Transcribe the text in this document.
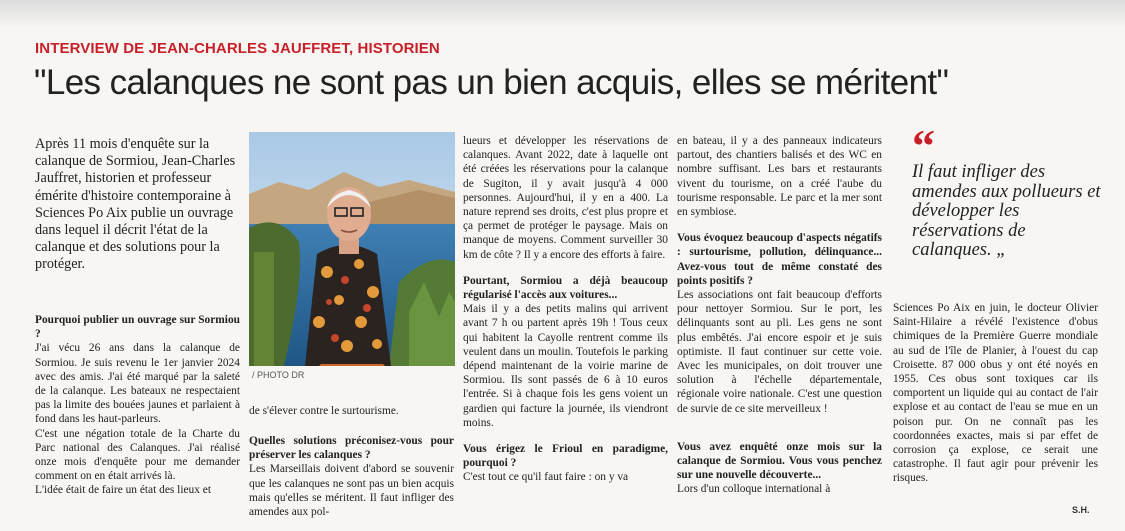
INTERVIEW DE JEAN-CHARLES JAUFFRET, HISTORIEN
"Les calanques ne sont pas un bien acquis, elles se méritent"

Après 11 mois d'enquête sur la calanque de Sormiou, Jean-Charles Jauffret, historien et professeur émérite d'histoire contemporaine à Sciences Po Aix publie un ouvrage dans lequel il décrit l'état de la calanque et des solutions pour la protéger.

/ PHOTO DR

Pourquoi publier un ouvrage sur Sormiou ?

J'ai vécu 26 ans dans la calanque de Sormiou. Je suis revenu le 1er janvier 2024 avec des amis. J'ai été marqué par la saleté de la calanque. Les bateaux ne respectaient pas la limite des bouées jaunes et parlaient à fond dans les haut-parleurs.

C'est une négation totale de la Charte du Parc national des Calanques. J'ai réalisé onze mois d'enquête pour me demander comment on en était arrivés là.

L'idée était de faire un état des lieux et

de s'élever contre le surtourisme.

Quelles solutions préconisez-vous pour préserver les calanques ?

Les Marseillais doivent d'abord se souvenir que les calanques ne sont pas un bien acquis mais qu'elles se méritent. Il faut infliger des amendes aux pol-

lueurs et développer les réservations de calanques. Avant 2022, date à laquelle ont été créées les réservations pour la calanque de Sugiton, il y avait jusqu'à 4 000 personnes. Aujourd'hui, il y en a 400. La nature reprend ses droits, c'est plus propre et ça permet de protéger le paysage. Mais on manque de moyens. Comment surveiller 30 km de côte ? Il y a encore des efforts à faire.

Pourtant, Sormiou a déjà beaucoup régularisé l'accès aux voitures...

Mais il y a des petits malins qui arrivent avant 7 h ou partent après 19h ! Tous ceux qui habitent la Cayolle rentrent comme ils veulent dans un moulin. Toutefois le parking dépend maintenant de la voirie marine de Sormiou. Ils sont passés de 6 à 10 euros l'entrée. Si à chaque fois les gens voient un gardien qui facture la journée, ils viendront moins.

Vous érigez le Frioul en paradigme, pourquoi ?

C'est tout ce qu'il faut faire : on y va

en bateau, il y a des panneaux indicateurs partout, des chantiers balisés et des WC en nombre suffisant. Les bars et restaurants vivent du tourisme, on a créé l'aube du tourisme responsable. Le parc et la mer sont en symbiose.

Vous évoquez beaucoup d'aspects négatifs : surtourisme, pollution, délinquance... Avez-vous tout de même constaté des points positifs ?

Les associations ont fait beaucoup d'efforts pour nettoyer Sormiou. Sur le port, les délinquants sont au pli. Les gens ne sont plus embêtés. J'ai encore espoir et je suis optimiste. Il faut continuer sur cette voie. Avec les municipales, on doit trouver une solution à l'échelle départementale, régionale voire nationale. C'est une question de survie de ce site merveilleux !

Vous avez enquêté onze mois sur la calanque de Sormiou. Vous vous penchez sur une nouvelle découverte...

Lors d'un colloque international à

“
Il faut infliger des amendes aux pollueurs et développer les réservations de calanques. „

Sciences Po Aix en juin, le docteur Olivier Saint-Hilaire a révélé l'existence d'obus chimiques de la Première Guerre mondiale au sud de l'île de Planier, à l'ouest du cap Croisette. 87 000 obus y ont été noyés en 1955. Ces obus sont toxiques car ils comportent un liquide qui au contact de l'air explose et au contact de l'eau se mue en un poison pur. On ne connaît pas les coordonnées exactes, mais si par effet de corrosion ça explose, ce serait une catastrophe. Il faut agir pour prévenir les risques.

S.H.
